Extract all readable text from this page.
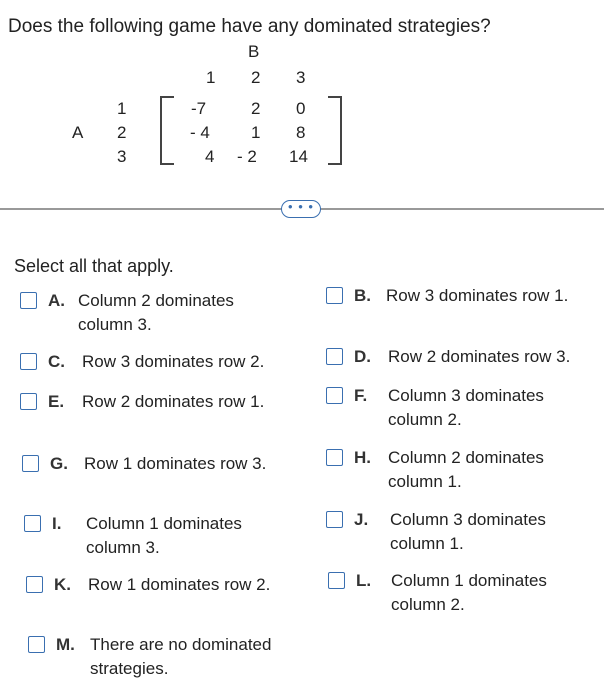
Does the following game have any dominated strategies?
B
1 2 3
A
1
2
3
-7	2 0
- 4 1 8
4 - 2 14
• • •
Select all that apply.
A. Column 2 dominates column 3.
C. Row 3 dominates row 2.
E. Row 2 dominates row 1.
G. Row 1 dominates row 3.
I. Column 1 dominates column 3.
K. Row 1 dominates row 2.
M. There are no dominated strategies.
B. Row 3 dominates row 1.
D. Row 2 dominates row 3.
F. Column 3 dominates column 2.
H. Column 2 dominates column 1.
J. Column 3 dominates column 1.
L. Column 1 dominates column 2.
